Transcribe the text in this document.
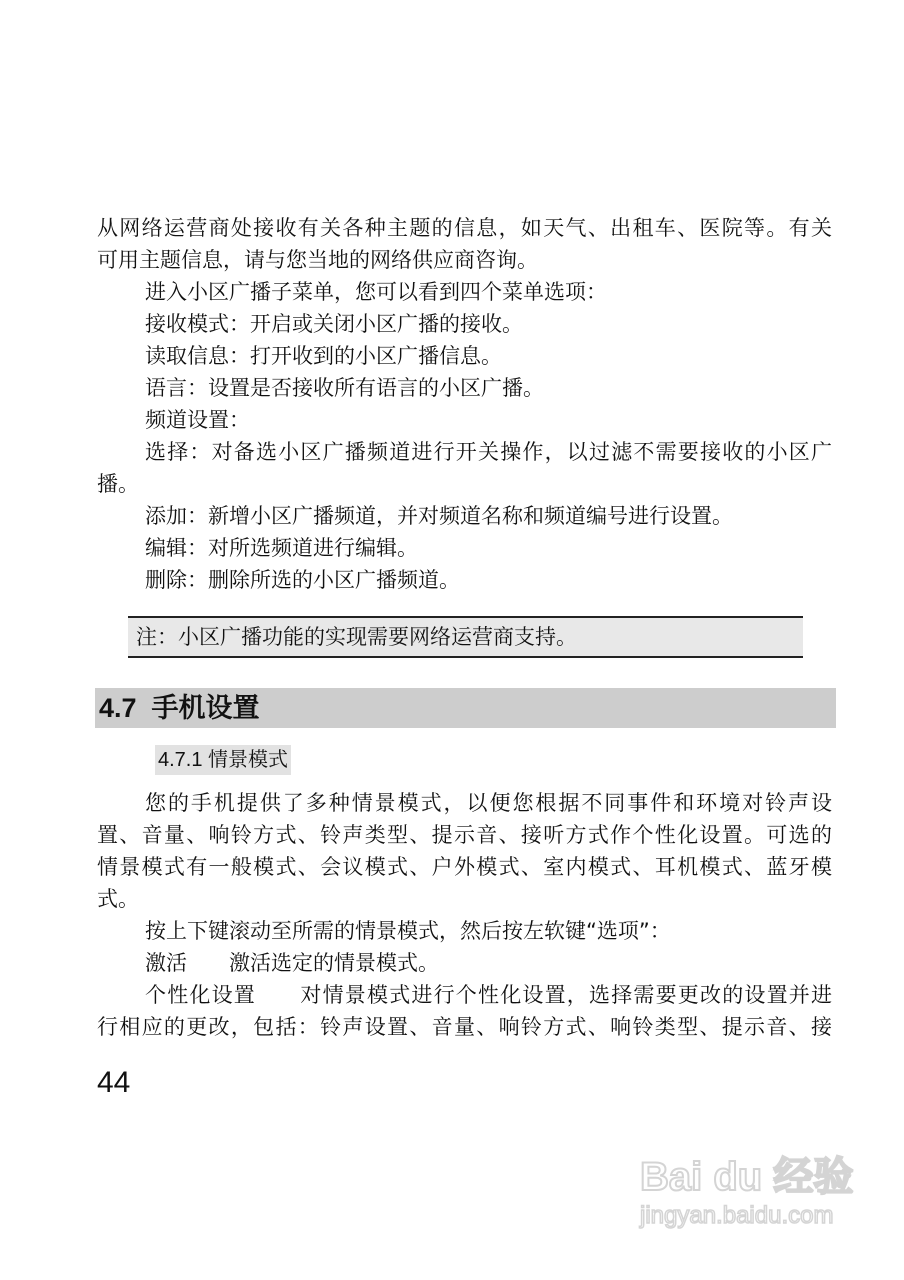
从网络运营商处接收有关各种主题的信息，如天气、出租车、医院等。有关
可用主题信息，请与您当地的网络供应商咨询。
进入小区广播子菜单，您可以看到四个菜单选项：
接收模式：开启或关闭小区广播的接收。
读取信息：打开收到的小区广播信息。
语言：设置是否接收所有语言的小区广播。
频道设置：
选择：对备选小区广播频道进行开关操作，以过滤不需要接收的小区广
播。
添加：新增小区广播频道，并对频道名称和频道编号进行设置。
编辑：对所选频道进行编辑。
删除：删除所选的小区广播频道。
注：小区广播功能的实现需要网络运营商支持。
4.7  手机设置
4.7.1 情景模式
您的手机提供了多种情景模式，以便您根据不同事件和环境对铃声设
置、音量、响铃方式、铃声类型、提示音、接听方式作个性化设置。可选的
情景模式有一般模式、会议模式、户外模式、室内模式、耳机模式、蓝牙模
式。
按上下键滚动至所需的情景模式，然后按左软键“选项”：
激活　　激活选定的情景模式。
个性化设置　　对情景模式进行个性化设置，选择需要更改的设置并进
行相应的更改，包括：铃声设置、音量、响铃方式、响铃类型、提示音、接
44
Bai du 经验
jingyan.baidu.com
